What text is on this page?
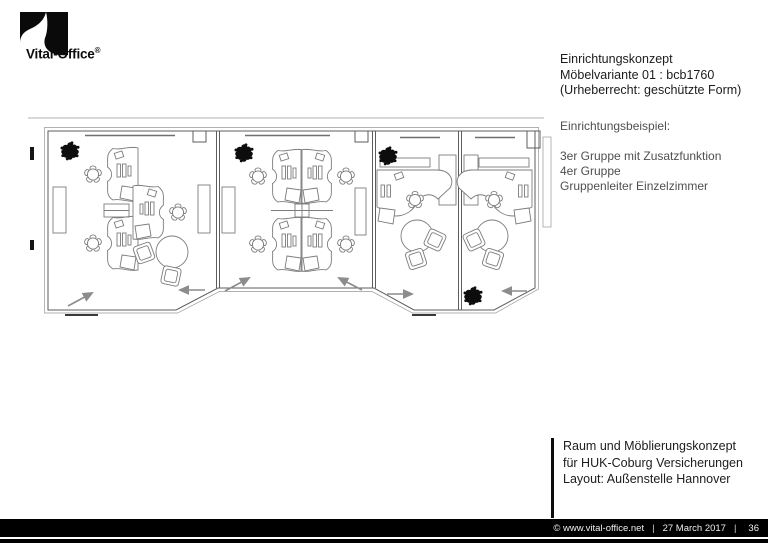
Vital-Office®
Einrichtungskonzept
Möbelvariante 01 : bcb1760
(Urheberrecht: geschützte Form)
Einrichtungsbeispiel:
3er Gruppe mit Zusatzfunktion
4er Gruppe
Gruppenleiter Einzelzimmer
Raum und Möblierungskonzept
für HUK-Coburg Versicherungen
Layout: Außenstelle Hannover
© www.vital-office.net | 27 March 2017 | 36
